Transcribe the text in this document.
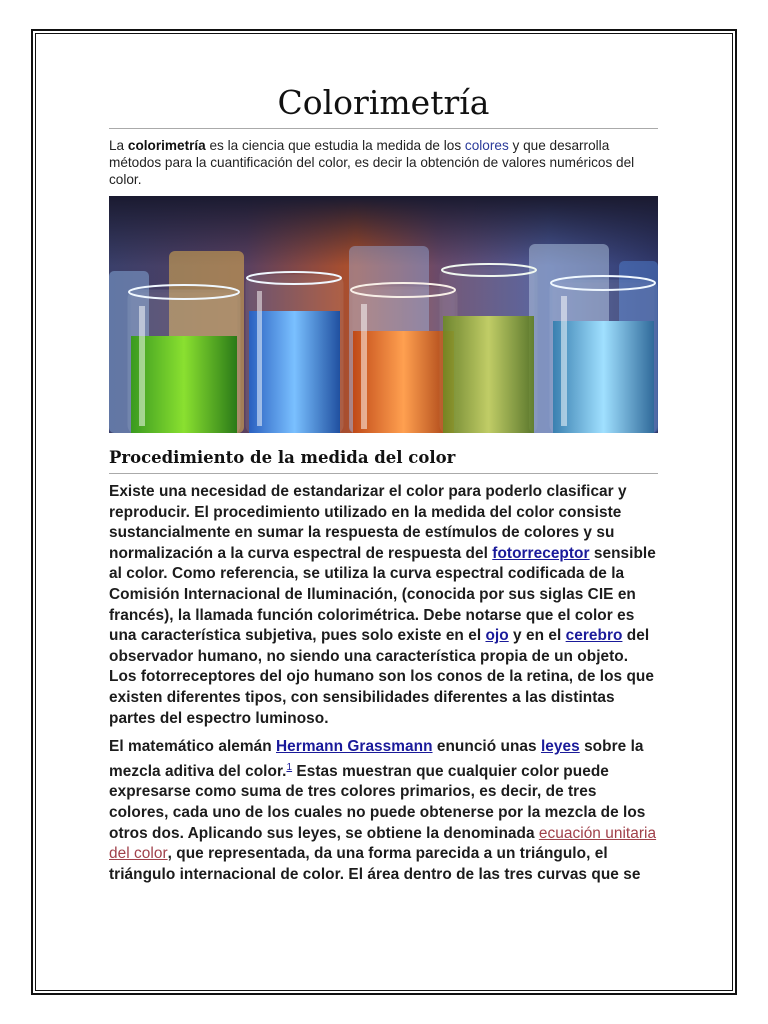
Colorimetría

La colorimetría es la ciencia que estudia la medida de los colores y que desarrolla métodos para la cuantificación del color, es decir la obtención de valores numéricos del color.

Procedimiento de la medida del color

Existe una necesidad de estandarizar el color para poderlo clasificar y reproducir. El procedimiento utilizado en la medida del color consiste sustancialmente en sumar la respuesta de estímulos de colores y su normalización a la curva espectral de respuesta del fotorreceptor sensible al color. Como referencia, se utiliza la curva espectral codificada de la Comisión Internacional de Iluminación, (conocida por sus siglas CIE en francés), la llamada función colorimétrica. Debe notarse que el color es una característica subjetiva, pues solo existe en el ojo y en el cerebro del observador humano, no siendo una característica propia de un objeto. Los fotorreceptores del ojo humano son los conos de la retina, de los que existen diferentes tipos, con sensibilidades diferentes a las distintas partes del espectro luminoso.

El matemático alemán Hermann Grassmann enunció unas leyes sobre la mezcla aditiva del color.$^1$ Estas muestran que cualquier color puede expresarse como suma de tres colores primarios, es decir, de tres colores, cada uno de los cuales no puede obtenerse por la mezcla de los otros dos. Aplicando sus leyes, se obtiene la denominada ecuación unitaria del color, que representada, da una forma parecida a un triángulo, el triángulo internacional de color. El área dentro de las tres curvas que se
